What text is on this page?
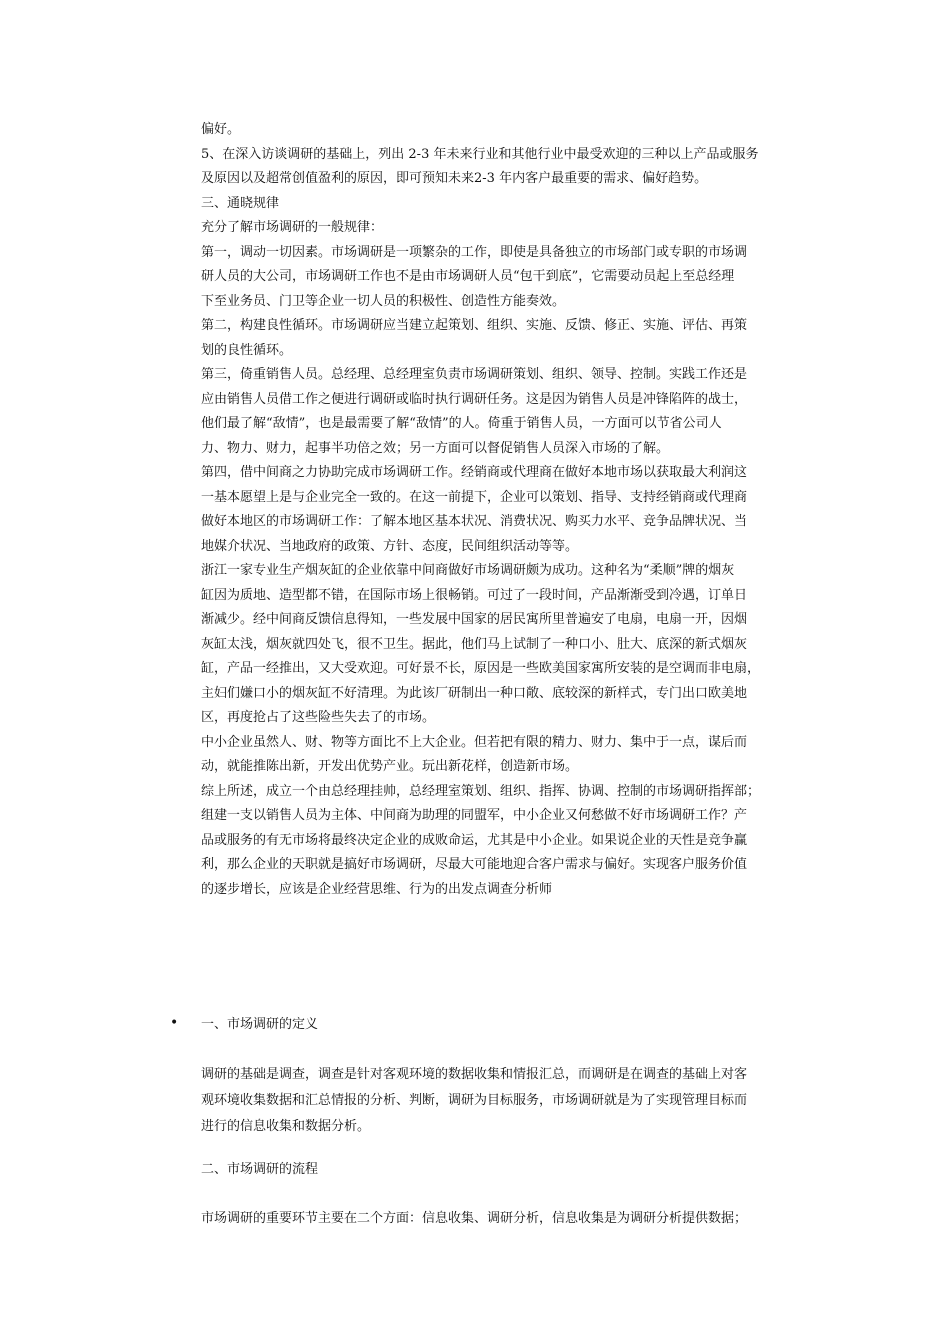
偏好。
5、在深入访谈调研的基础上，列出 2-3 年未来行业和其他行业中最受欢迎的三种以上产品或服务
及原因以及超常创值盈利的原因，即可预知未来2-3 年内客户最重要的需求、偏好趋势。
三、通晓规律
充分了解市场调研的一般规律：
第一，调动一切因素。市场调研是一项繁杂的工作，即使是具备独立的市场部门或专职的市场调
研人员的大公司，市场调研工作也不是由市场调研人员“包干到底”，它需要动员起上至总经理
下至业务员、门卫等企业一切人员的积极性、创造性方能奏效。
第二，构建良性循环。市场调研应当建立起策划、组织、实施、反馈、修正、实施、评估、再策
划的良性循环。
第三，倚重销售人员。总经理、总经理室负责市场调研策划、组织、领导、控制。实践工作还是
应由销售人员借工作之便进行调研或临时执行调研任务。这是因为销售人员是冲锋陷阵的战士，
他们最了解“敌情”，也是最需要了解“敌情”的人。倚重于销售人员，一方面可以节省公司人
力、物力、财力，起事半功倍之效；另一方面可以督促销售人员深入市场的了解。
第四，借中间商之力协助完成市场调研工作。经销商或代理商在做好本地市场以获取最大利润这
一基本愿望上是与企业完全一致的。在这一前提下，企业可以策划、指导、支持经销商或代理商
做好本地区的市场调研工作：了解本地区基本状况、消费状况、购买力水平、竞争品牌状况、当
地媒介状况、当地政府的政策、方针、态度，民间组织活动等等。
浙江一家专业生产烟灰缸的企业依靠中间商做好市场调研颇为成功。这种名为“柔顺”牌的烟灰
缸因为质地、造型都不错，在国际市场上很畅销。可过了一段时间，产品渐渐受到冷遇，订单日
渐减少。经中间商反馈信息得知，一些发展中国家的居民寓所里普遍安了电扇，电扇一开，因烟
灰缸太浅，烟灰就四处飞，很不卫生。据此，他们马上试制了一种口小、肚大、底深的新式烟灰
缸，产品一经推出，又大受欢迎。可好景不长，原因是一些欧美国家寓所安装的是空调而非电扇，
主妇们嫌口小的烟灰缸不好清理。为此该厂研制出一种口敞、底较深的新样式，专门出口欧美地
区，再度抢占了这些险些失去了的市场。
中小企业虽然人、财、物等方面比不上大企业。但若把有限的精力、财力、集中于一点，谋后而
动，就能推陈出新，开发出优势产业。玩出新花样，创造新市场。
综上所述，成立一个由总经理挂帅，总经理室策划、组织、指挥、协调、控制的市场调研指挥部；
组建一支以销售人员为主体、中间商为助理的同盟军，中小企业又何愁做不好市场调研工作？产
品或服务的有无市场将最终决定企业的成败命运，尤其是中小企业。如果说企业的天性是竞争赢
利，那么企业的天职就是搞好市场调研，尽最大可能地迎合客户需求与偏好。实现客户服务价值
的逐步增长，应该是企业经营思维、行为的出发点调查分析师
• 一、市场调研的定义
调研的基础是调查，调查是针对客观环境的数据收集和情报汇总，而调研是在调查的基础上对客
观环境收集数据和汇总情报的分析、判断，调研为目标服务，市场调研就是为了实现管理目标而
进行的信息收集和数据分析。
二、市场调研的流程
市场调研的重要环节主要在二个方面：信息收集、调研分析，信息收集是为调研分析提供数据；
